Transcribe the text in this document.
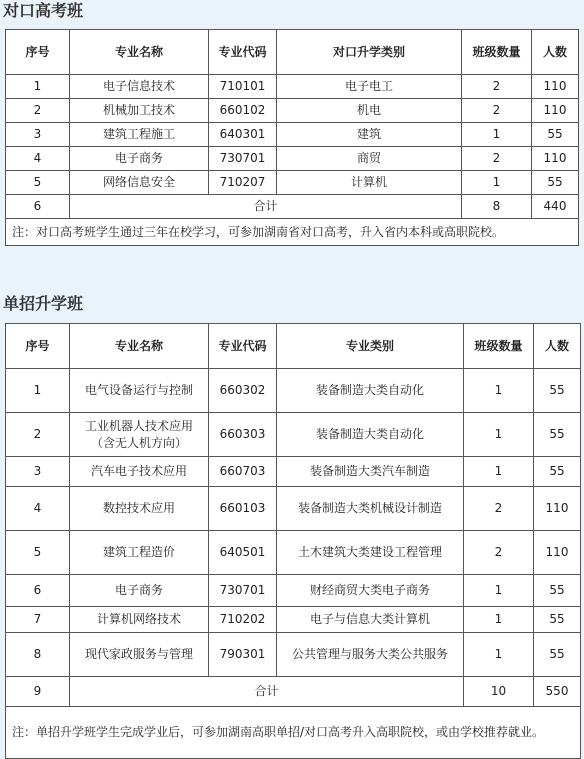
对口高考班
序号	专业名称	专业代码	对口升学类别	班级数量	人数
1	电子信息技术	710101	电子电工	2	110
2	机械加工技术	660102	机电	2	110
3	建筑工程施工	640301	建筑	1	55
4	电子商务	730701	商贸	2	110
5	网络信息安全	710207	计算机	1	55
6	合计			8	440
注：对口高考班学生通过三年在校学习，可参加湖南省对口高考，升入省内本科或高职院校。					
单招升学班
序号	专业名称	专业代码	专业类别	班级数量	人数
1	电气设备运行与控制	660302	装备制造大类自动化	1	55
2	工业机器人技术应用
（含无人机方向）	660303	装备制造大类自动化	1	55
3	汽车电子技术应用	660703	装备制造大类汽车制造	1	55
4	数控技术应用	660103	装备制造大类机械设计制造	2	110
5	建筑工程造价	640501	土木建筑大类建设工程管理	2	110
6	电子商务	730701	财经商贸大类电子商务	1	55
7	计算机网络技术	710202	电子与信息大类计算机	1	55
8	现代家政服务与管理	790301	公共管理与服务大类公共服务	1	55
9	合计			10	550
注：单招升学班学生完成学业后，可参加湖南高职单招/对口高考升入高职院校，或由学校推荐就业。					
